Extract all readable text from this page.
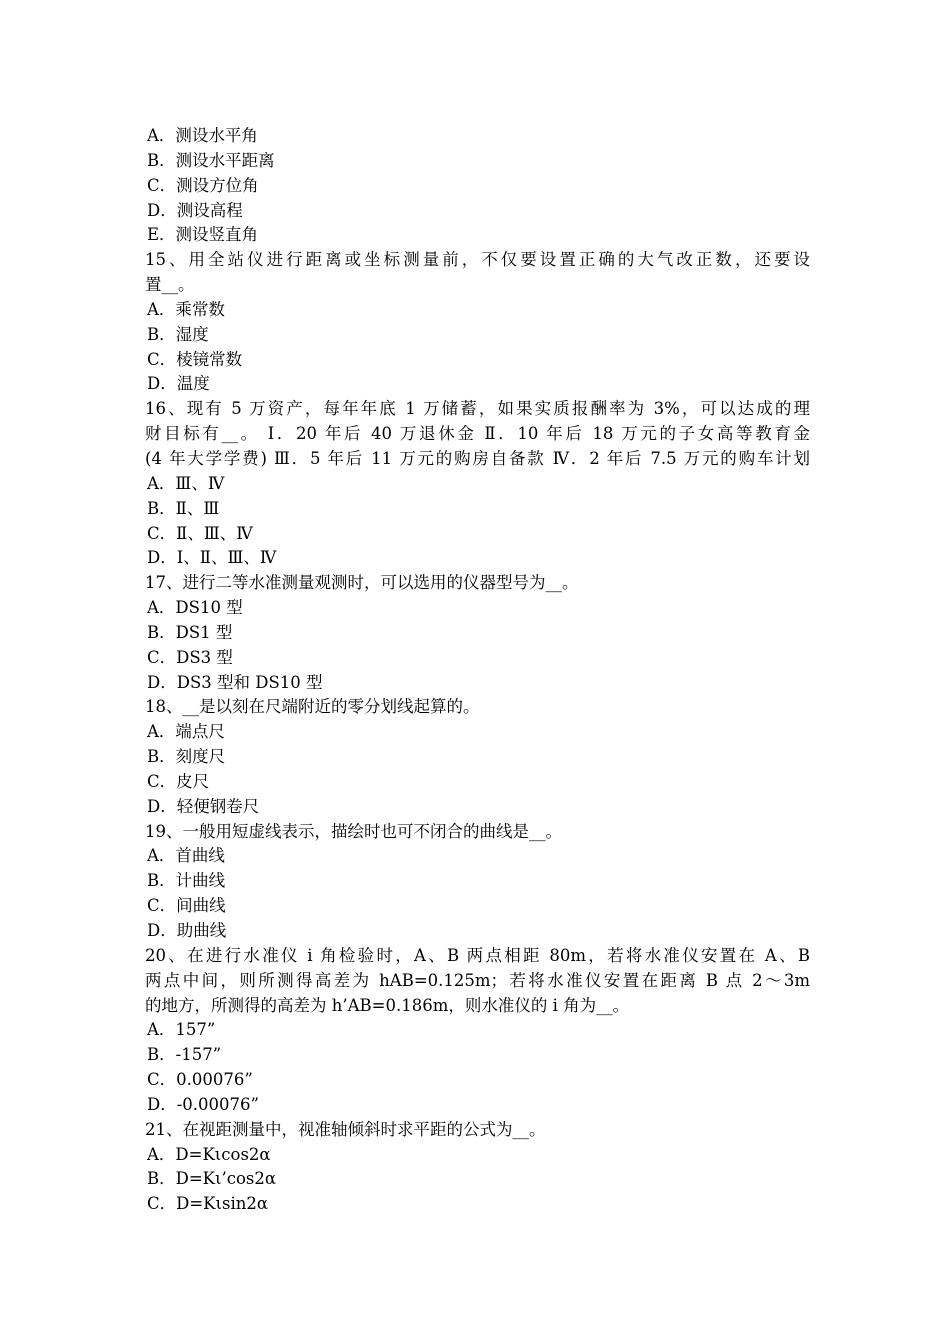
A．测设水平角
B．测设水平距离
C．测设方位角
D．测设高程
E．测设竖直角
15、用全站仪进行距离或坐标测量前，不仅要设置正确的大气改正数，还要设
置__。
A．乘常数
B．湿度
C．棱镜常数
D．温度
16、现有 5 万资产，每年年底 1 万储蓄，如果实质报酬率为 3%，可以达成的理
财目标有__。 Ⅰ．20 年后 40 万退休金 Ⅱ．10 年后 18 万元的子女高等教育金
(4 年大学学费) Ⅲ．5 年后 11 万元的购房自备款 Ⅳ．2 年后 7.5 万元的购车计划
A．Ⅲ、Ⅳ
B．Ⅱ、Ⅲ
C．Ⅱ、Ⅲ、Ⅳ
D．Ⅰ、Ⅱ、Ⅲ、Ⅳ
17、进行二等水准测量观测时，可以选用的仪器型号为__。
A．DS10 型
B．DS1 型
C．DS3 型
D．DS3 型和 DS10 型
18、__是以刻在尺端附近的零分划线起算的。
A．端点尺
B．刻度尺
C．皮尺
D．轻便钢卷尺
19、一般用短虚线表示，描绘时也可不闭合的曲线是__。
A．首曲线
B．计曲线
C．间曲线
D．助曲线
20、在进行水准仪 i 角检验时，A、B 两点相距 80m，若将水准仪安置在 A、B
两点中间，则所测得高差为 hAB=0.125m；若将水准仪安置在距离 B 点 2～3m
的地方，所测得的高差为 h’AB=0.186m，则水准仪的 i 角为__。
A．157”
B．-157”
C．0.00076”
D．-0.00076”
21、在视距测量中，视准轴倾斜时求平距的公式为__。
A．D=Kιcos2α
B．D=Kι’cos2α
C．D=Kιsin2α
